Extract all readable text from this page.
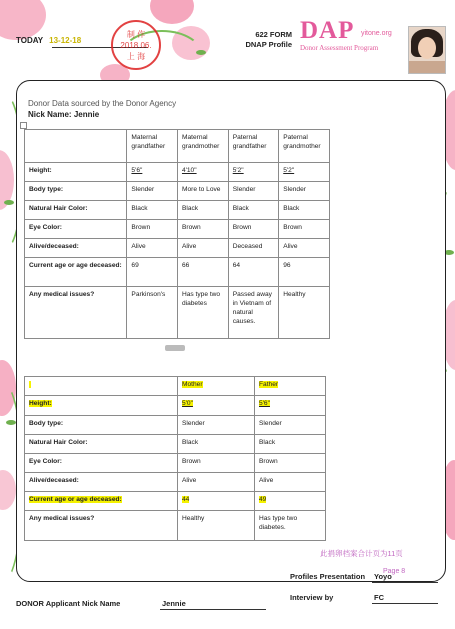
TODAY 13-12-18
制 作
2018.06.
上 海
622 FORM
DNAP Profile
DAP yitone.org
Donor Assessment Program
Donor Data sourced by the Donor Agency
Nick Name: Jennie
	Maternal grandfather	Maternal grandmother	Paternal grandfather	Paternal grandmother
Height:	5'6"	4'10"	5'2"	5'2"
Body type:	Slender	More to Love	Slender	Slender
Natural Hair Color:	Black	Black	Black	Black
Eye Color:	Brown	Brown	Brown	Brown
Alive/deceased:	Alive	Alive	Deceased	Alive
Current age or age deceased:	69	66	64	96
Any medical issues?	Parkinson's	Has type two diabetes	Passed away in Vietnam of natural causes.	Healthy
	Mother	Father
Height:	5'0"	5'6"
Body type:	Slender	Slender
Natural Hair Color:	Black	Black
Eye Color:	Brown	Brown
Alive/deceased:	Alive	Alive
Current age or age deceased:	44	49
Any medical issues?	Healthy	Has type two diabetes.
此捐卵档案合计页为11页
Page 8
Profiles Presentation Yoyo
Interview by	FC
DONOR Applicant Nick Name	Jennie
